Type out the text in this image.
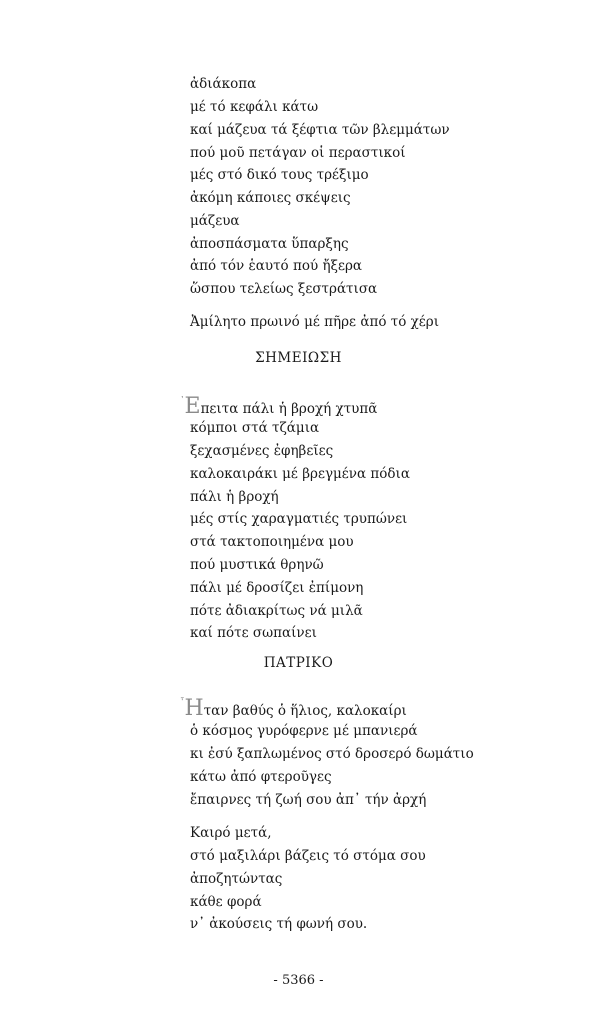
ἀδιάκοπα
μέ τό κεφάλι κάτω
καί μάζευα τά ξέφτια τῶν βλεμμάτων
πού μοῦ πετάγαν οἱ περαστικοί
μές στό δικό τους τρέξιμο
ἀκόμη κάποιες σκέψεις
μάζευα
ἀποσπάσματα ὕπαρξης
ἀπό τόν ἑαυτό πού ἤξερα
ὥσπου τελείως ξεστράτισα
Ἀμίλητο πρωινό μέ πῆρε ἀπό τό χέρι
ΣΗΜΕΙΩΣΗ
᾿Επειτα πάλι ἡ βροχή χτυπᾶ
κόμποι στά τζάμια
ξεχασμένες ἐφηβεῖες
καλοκαιράκι μέ βρεγμένα πόδια
πάλι ἡ βροχή
μές στίς χαραγματιές τρυπώνει
στά τακτοποιημένα μου
πού μυστικά θρηνῶ
πάλι μέ δροσίζει ἐπίμονη
πότε ἀδιακρίτως νά μιλᾶ
καί πότε σωπαίνει
ΠΑΤΡΙΚΟ
῏Ηταν βαθύς ὁ ἥλιος, καλοκαίρι
ὁ κόσμος γυρόφερνε μέ μπανιερά
κι ἐσύ ξαπλωμένος στό δροσερό δωμάτιο
κάτω ἀπό φτεροῦγες
ἔπαιρνες τή ζωή σου ἀπ᾿ τήν ἀρχή
Καιρό μετά,
στό μαξιλάρι βάζεις τό στόμα σου
ἀποζητώντας
κάθε φορά
ν᾿ ἀκούσεις τή φωνή σου.
- 5366 -
